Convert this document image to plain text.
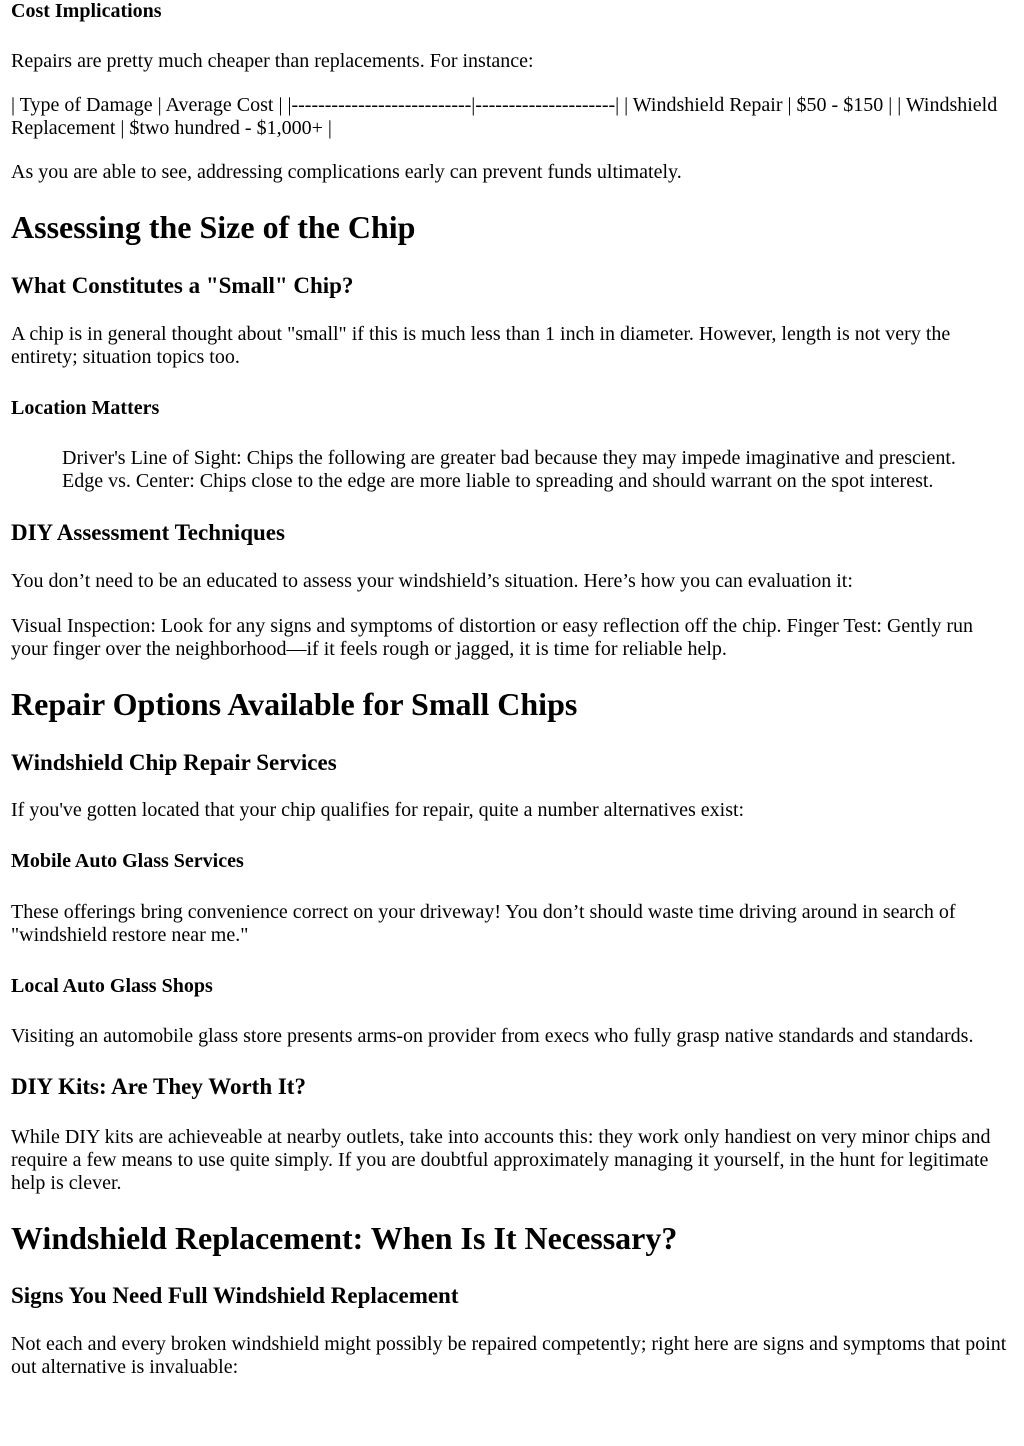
Cost Implications

Repairs are pretty much cheaper than replacements. For instance:

| Type of Damage | Average Cost | |---------------------------|---------------------| | Windshield Repair | $50 - $150 | | Windshield Replacement | $two hundred - $1,000+ |

As you are able to see, addressing complications early can prevent funds ultimately.

Assessing the Size of the Chip
What Constitutes a "Small" Chip?

A chip is in general thought about "small" if this is much less than 1 inch in diameter. However, length is not very the entirety; situation topics too.

Location Matters

Driver's Line of Sight: Chips the following are greater bad because they may impede imaginative and prescient.

Edge vs. Center: Chips close to the edge are more liable to spreading and should warrant on the spot interest.

DIY Assessment Techniques

You don’t need to be an educated to assess your windshield’s situation. Here’s how you can evaluation it:

Visual Inspection: Look for any signs and symptoms of distortion or easy reflection off the chip. Finger Test: Gently run your finger over the neighborhood—if it feels rough or jagged, it is time for reliable help.

Repair Options Available for Small Chips
Windshield Chip Repair Services

If you've gotten located that your chip qualifies for repair, quite a number alternatives exist:

Mobile Auto Glass Services

These offerings bring convenience correct on your driveway! You don’t should waste time driving around in search of "windshield restore near me."

Local Auto Glass Shops

Visiting an automobile glass store presents arms-on provider from execs who fully grasp native standards and standards.

DIY Kits: Are They Worth It?

While DIY kits are achieveable at nearby outlets, take into accounts this: they work only handiest on very minor chips and require a few means to use quite simply. If you are doubtful approximately managing it yourself, in the hunt for legitimate help is clever.

Windshield Replacement: When Is It Necessary?
Signs You Need Full Windshield Replacement

Not each and every broken windshield might possibly be repaired competently; right here are signs and symptoms that point out alternative is invaluable:
